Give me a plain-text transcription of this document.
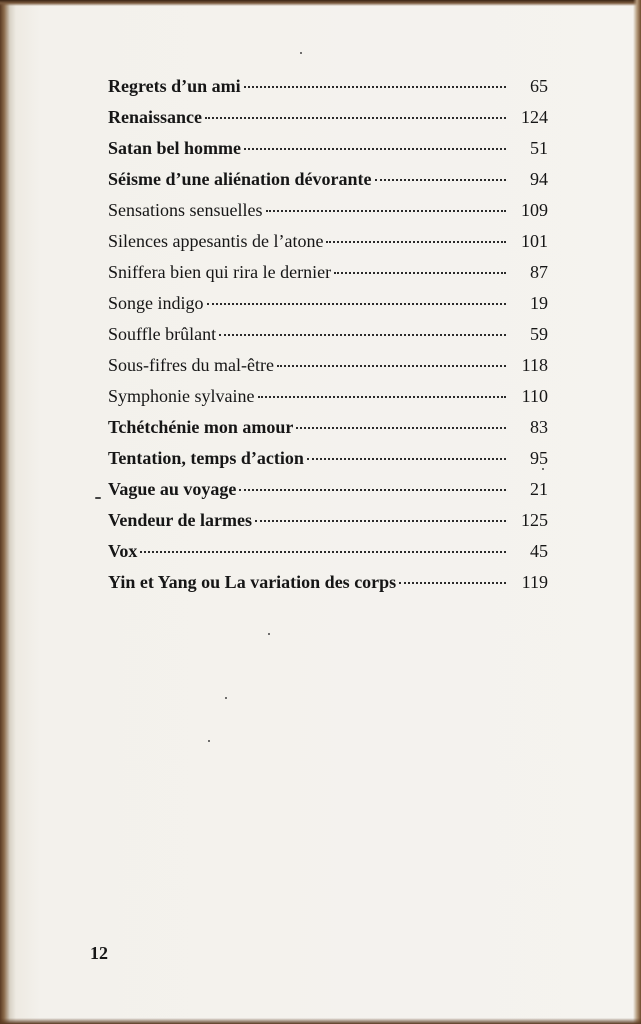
Regrets d’un ami	65
Renaissance	124
Satan bel homme	51
Séisme d’une aliénation dévorante	94
Sensations sensuelles	109
Silences appesantis de l’atone	101
Sniffera bien qui rira le dernier	87
Songe indigo	19
Souffle brûlant	59
Sous-fifres du mal-être	118
Symphonie sylvaine	110
Tchétchénie mon amour	83
Tentation, temps d’action	95
Vague au voyage	21
Vendeur de larmes	125
Vox	45
Yin et Yang ou La variation des corps	119
12
